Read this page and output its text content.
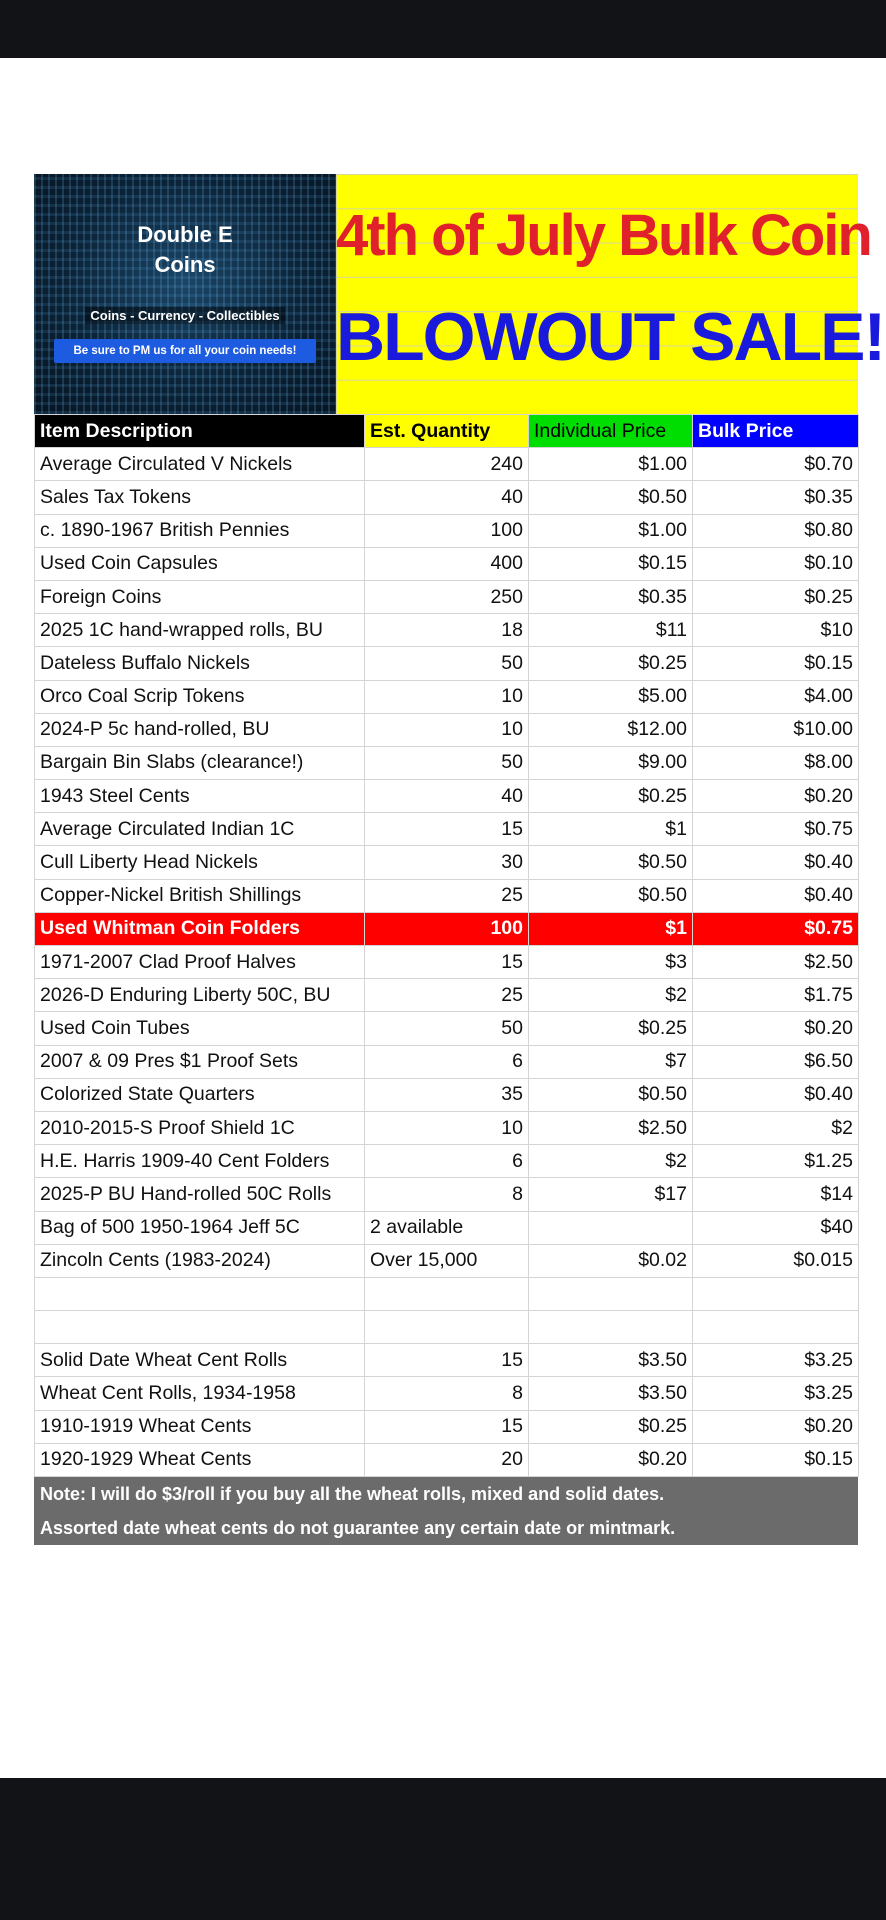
Double E
Coins
Coins - Currency - Collectibles
Be sure to PM us for all your coin needs!
4th of July Bulk Coin
BLOWOUT SALE!
Item Description	Est. Quantity	Individual Price	Bulk Price
Average Circulated V Nickels	240	$1.00	$0.70
Sales Tax Tokens	40	$0.50	$0.35
c. 1890-1967 British Pennies	100	$1.00	$0.80
Used Coin Capsules	400	$0.15	$0.10
Foreign Coins	250	$0.35	$0.25
2025 1C hand-wrapped rolls, BU	18	$11	$10
Dateless Buffalo Nickels	50	$0.25	$0.15
Orco Coal Scrip Tokens	10	$5.00	$4.00
2024-P 5c hand-rolled, BU	10	$12.00	$10.00
Bargain Bin Slabs (clearance!)	50	$9.00	$8.00
1943 Steel Cents	40	$0.25	$0.20
Average Circulated Indian 1C	15	$1	$0.75
Cull Liberty Head Nickels	30	$0.50	$0.40
Copper-Nickel British Shillings	25	$0.50	$0.40
Used Whitman Coin Folders	100	$1	$0.75
1971-2007 Clad Proof Halves	15	$3	$2.50
2026-D Enduring Liberty 50C, BU	25	$2	$1.75
Used Coin Tubes	50	$0.25	$0.20
2007 & 09 Pres $1 Proof Sets	6	$7	$6.50
Colorized State Quarters	35	$0.50	$0.40
2010-2015-S Proof Shield 1C	10	$2.50	$2
H.E. Harris 1909-40 Cent Folders	6	$2	$1.25
2025-P BU Hand-rolled 50C Rolls	8	$17	$14
Bag of 500 1950-1964 Jeff 5C	2 available		$40
Zincoln Cents (1983-2024)	Over 15,000	$0.02	$0.015

Solid Date Wheat Cent Rolls	15	$3.50	$3.25
Wheat Cent Rolls, 1934-1958	8	$3.50	$3.25
1910-1919 Wheat Cents	15	$0.25	$0.20
1920-1929 Wheat Cents	20	$0.20	$0.15
Note: I will do $3/roll if you buy all the wheat rolls, mixed and solid dates.
Assorted date wheat cents do not guarantee any certain date or mintmark.
